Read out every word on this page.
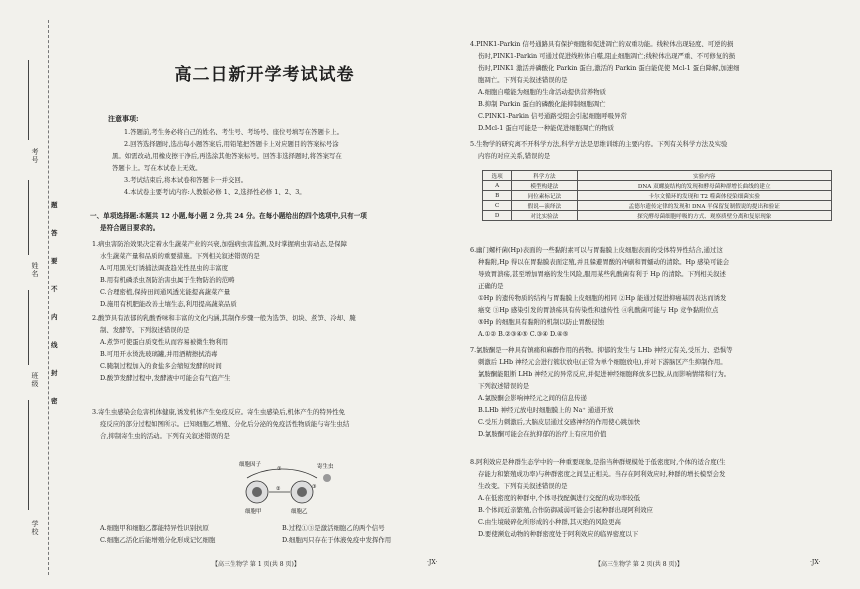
考号
姓名
班级
学校
题
答
要
不
内
线
封
密
高二日新开学考试试卷
注意事项:
1.答题前,考生务必将自己的姓名、考生号、考场号、座位号填写在答题卡上。
2.回答选择题时,选出每小题答案后,用铅笔把答题卡上对应题目的答案标号涂
黑。如需改动,用橡皮擦干净后,再选涂其他答案标号。回答非选择题时,将答案写在
答题卡上。写在本试卷上无效。
3.考试结束后,将本试卷和答题卡一并交回。
4.本试卷主要考试内容:人教版必修 1、2,选择性必修 1、2、3。
一、单项选择题:本题共 12 小题,每小题 2 分,共 24 分。在每小题给出的四个选项中,只有一项
是符合题目要求的。
1.病虫害防治效果决定着水生蔬菜产业的兴衰,加强病虫害监测,及时掌握病虫害动态,是保障
水生蔬菜产量和品质的重要措施。下列相关叙述错误的是
A.可用黑光灯诱捕法调查趋光性昆虫的丰富度
B.用有机磷杀虫剂防治害虫属于生物防治的范畴
C.合理密植,保持田间通风透光能提高蔬菜产量
D.施用有机肥能改善土壤生态,利用提高蔬菜品质
2.酸笋具有浓郁的乳酸香味和丰富的文化内涵,其制作步骤一般为选笋、切块、煮笋、冷却、腌
制、发酵等。下列叙述错误的是
A.煮笋可使蛋白质变性从而容易被微生物利用
B.可用开水烫洗玻璃罐,并用酒精擦拭消毒
C.腌制过程加入的食盐多会缩短发酵的时间
D.酸笋发酵过程中,发酵液中可能会有气泡产生
3.寄生虫感染会危害机体健康,诱发机体产生免疫反应。寄生虫感染后,机体产生的特异性免
疫反应的部分过程如图所示。已知细胞乙增殖、分化后分泌的免疫活性物质能与寄生虫结
合,抑制寄生虫的活动。下列有关叙述错误的是
细胞因子	寄生虫
细胞甲	细胞乙
①
②	③
A.细胞甲和细胞乙都能特异性识别抗原	B.过程①③是激活细胞乙的两个信号
C.细胞乙活化后能增殖分化形成记忆细胞	D.细胞丙只存在于体液免疫中发挥作用
【高三生物学 第 1 页(共 8 页)】	·JX·
4.PINK1-Parkin 信号通路具有保护细胞和促进凋亡的双重功能。线粒体出现轻度、可逆的损
伤时,PINK1-Parkin 可通过促进线粒体自噬,阻止细胞凋亡;线粒体出现严重、不可修复的损
伤时,PINK1 激活并磷酸化 Parkin 蛋白,激活的 Parkin 蛋白能促使 Mcl-1 蛋白降解,加速细
胞凋亡。下列有关叙述错误的是
A.细胞自噬能为细胞的生命活动提供营养物质
B.抑制 Parkin 蛋白的磷酸化能抑制细胞凋亡
C.PINK1-Parkin 信号通路受阻会引起细胞呼吸异常
D.Mcl-1 蛋白可能是一种能促进细胞凋亡的物质
5.生物学的研究离不开科学方法,科学方法是思维训练的主要内容。下列有关科学方法及实验
内容的对应关系,错误的是
选项	科学方法	实验内容
A	模型构建法	DNA 双螺旋结构的发现和酵母菌种群增长曲线的建立
B	同位素标记法	卡尔文循环的发现和 T2 噬菌体侵染细菌实验
C	假说—演绎法	孟德尔遗传定律的发现和 DNA 半保留复制假说的提出和验证
D	对比实验法	探究酵母菌细胞呼吸的方式、观察质壁分离和复原现象
6.幽门螺杆菌(Hp)表面的一些黏附素可以与胃黏膜上皮细胞表面的受体特异性结合,通过这
种黏附,Hp 得以在胃黏膜表面定殖,并且躲避胃酸的冲刷和胃蠕动的清除。Hp 感染可能会
导致胃溃疡,甚至增加胃癌的发生风险,服用某些乳酸菌有利于 Hp 的清除。下列相关叙述
正确的是
①Hp 的遗传物质的结构与胃黏膜上皮细胞的相同 ②Hp 能通过促进抑癌基因表达而诱发
癌变 ③Hp 感染引发的胃溃疡具有传染性和遗传性 ④乳酸菌可能与 Hp 竞争黏附位点
⑤Hp 的细胞具有黏附的机制以防止胃酸侵蚀
A.①② B.②③④⑤ C.③④ D.④⑤
7.氯胺酮是一种具有镇痛和麻醉作用的药物。抑郁的发生与 LHb 神经元有关,受压力、恐惧等
刺激后 LHb 神经元会进行簇状放电(正常为单个细胞放电),并对下游脑区产生抑制作用。
氯胺酮能阻断 LHb 神经元的异常反应,并促进神经细胞释放多巴胺,从而影响情绪和行为。
下列叙述错误的是
A.氯胺酮会影响神经元之间的信息传递
B.LHb 神经元放电时细胞膜上的 Na⁺ 通道开放
C.受压力刺激后,大脑皮层通过交感神经的作用使心跳加快
D.氯胺酮可能会在抗抑郁的治疗上有应用价值
8.阿利效应是种群生态学中的一种重要现象,是指当种群规模处于低密度时,个体的适合度(生
存能力和繁殖成功率)与种群密度之间呈正相关。当存在阿利效应时,种群的增长模型会发
生改变。下列有关叙述错误的是
A.在低密度的种群中,个体寻找配偶进行交配的成功率较低
B.个体间近亲繁殖,合作防御减弱可能会引起种群出现阿利效应
C.由生境破碎化所形成的小种群,其灭绝的风险更高
D.要使濒危动物的种群密度处于阿利效应的临界密度以下
【高三生物学 第 2 页(共 8 页)】	·JX·
